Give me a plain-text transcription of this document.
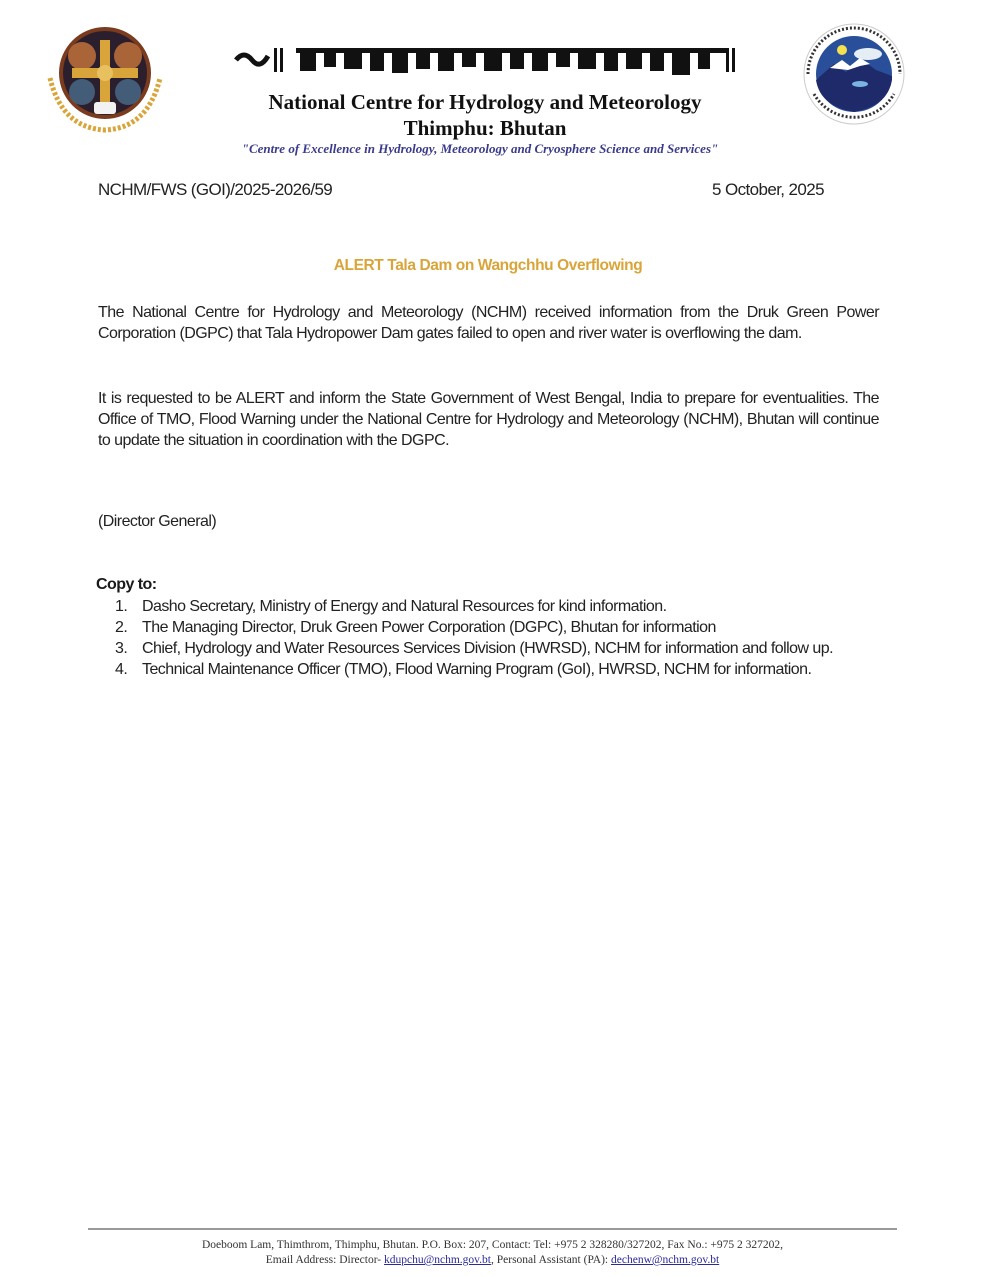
National Centre for Hydrology and Meteorology
Thimphu: Bhutan
"Centre of Excellence in Hydrology, Meteorology and Cryosphere Science and Services"
NCHM/FWS (GOI)/2025-2026/59	5 October, 2025
ALERT Tala Dam on Wangchhu Overflowing
The National Centre for Hydrology and Meteorology (NCHM) received information from the Druk Green Power Corporation (DGPC) that Tala Hydropower Dam gates failed to open and river water is overflowing the dam.
It is requested to be ALERT and inform the State Government of West Bengal, India to prepare for eventualities. The Office of TMO, Flood Warning under the National Centre for Hydrology and Meteorology (NCHM), Bhutan will continue to update the situation in coordination with the DGPC.
(Director General)
Copy to:
1. Dasho Secretary, Ministry of Energy and Natural Resources for kind information.
2. The Managing Director, Druk Green Power Corporation (DGPC), Bhutan for information
3. Chief, Hydrology and Water Resources Services Division (HWRSD), NCHM for information and follow up.
4. Technical Maintenance Officer (TMO), Flood Warning Program (GoI), HWRSD, NCHM for information.
Doeboom Lam, Thimthrom, Thimphu, Bhutan. P.O. Box: 207, Contact: Tel: +975 2 328280/327202, Fax No.: +975 2 327202,
Email Address: Director- kdupchu@nchm.gov.bt, Personal Assistant (PA): dechenw@nchm.gov.bt
